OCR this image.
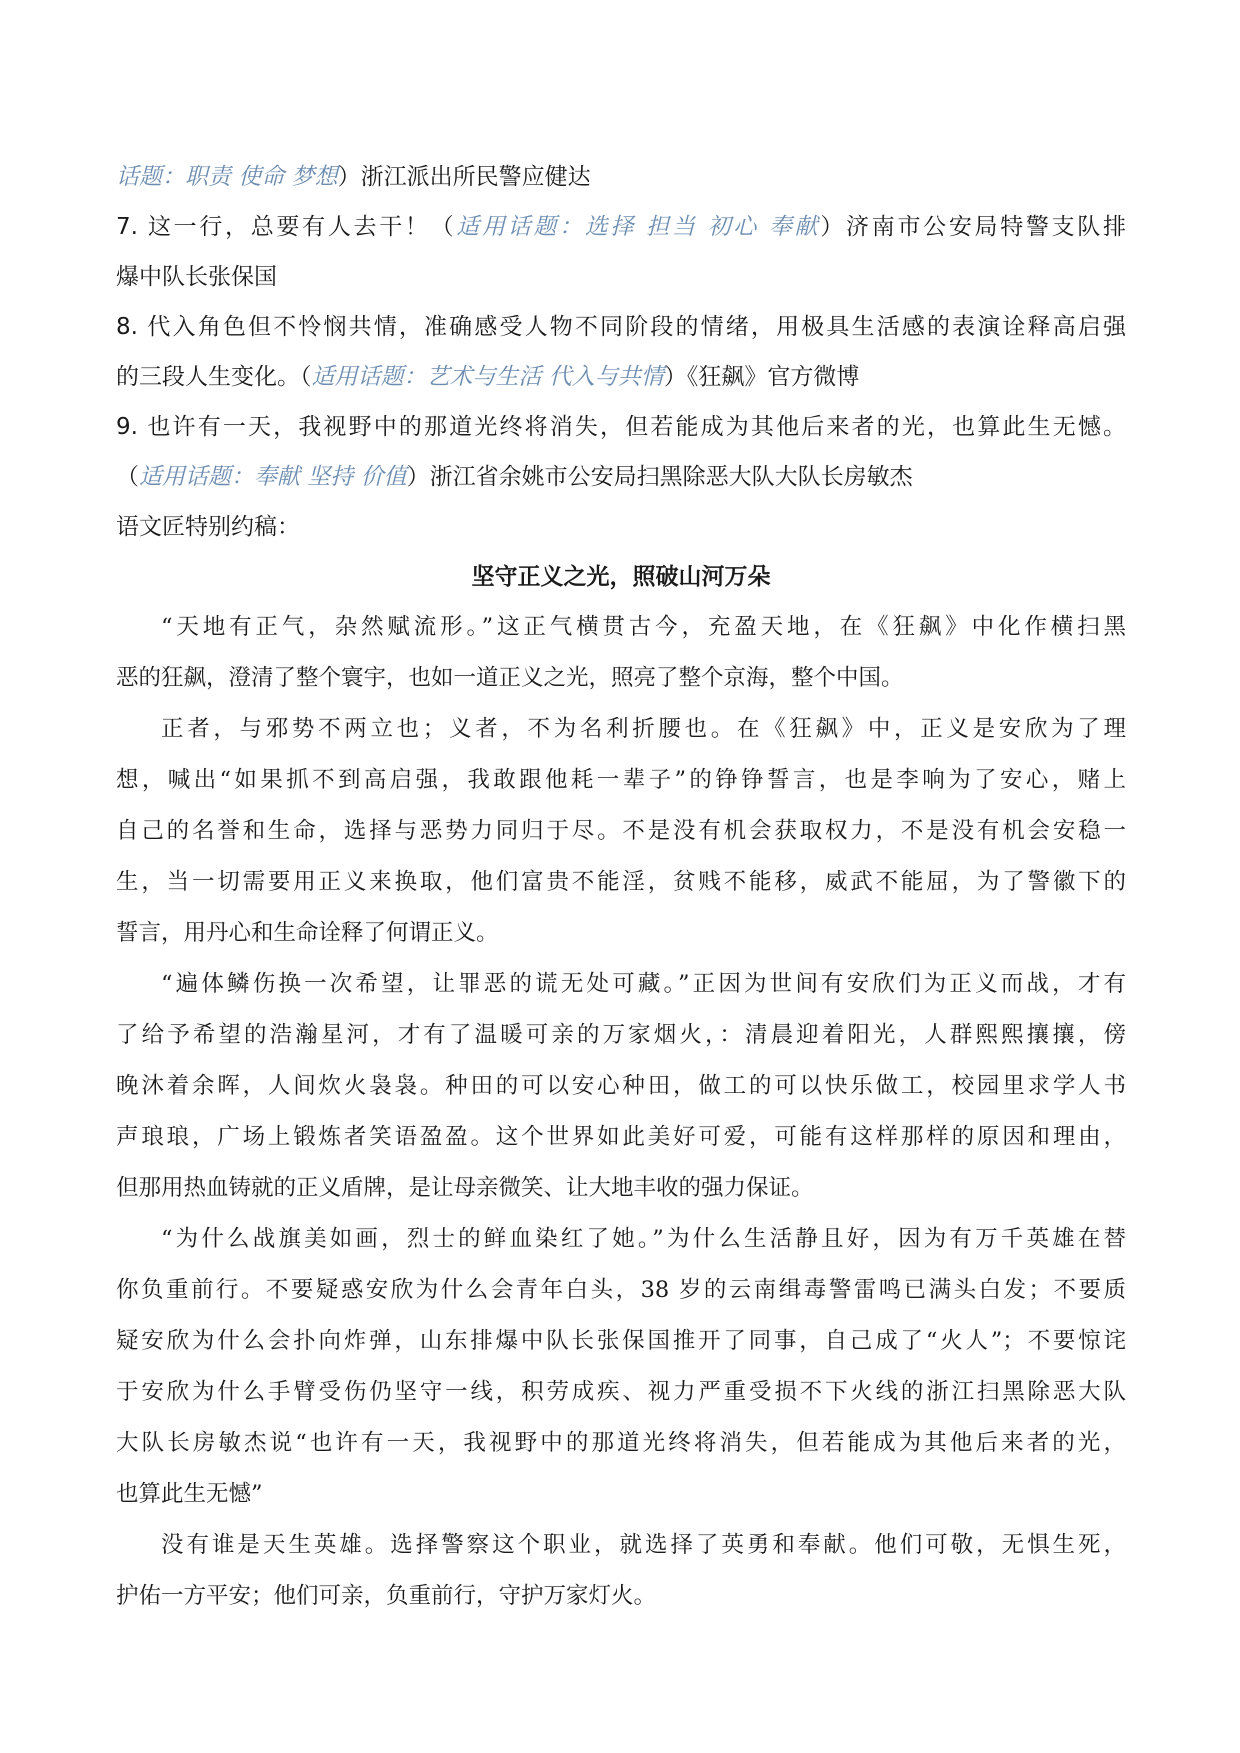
话题：职责 使命 梦想）浙江派出所民警应健达
7. 这一行，总要有人去干！（适用话题：选择 担当 初心 奉献）济南市公安局特警支队排
爆中队长张保国
8. 代入角色但不怜悯共情，准确感受人物不同阶段的情绪，用极具生活感的表演诠释高启强
的三段人生变化。（适用话题：艺术与生活 代入与共情）《狂飙》官方微博
9. 也许有一天，我视野中的那道光终将消失，但若能成为其他后来者的光，也算此生无憾。
（适用话题：奉献 坚持 价值）浙江省余姚市公安局扫黑除恶大队大队长房敏杰
语文匠特别约稿：
坚守正义之光，照破山河万朵
“天地有正气，杂然赋流形。”这正气横贯古今，充盈天地，在《狂飙》中化作横扫黑
恶的狂飙，澄清了整个寰宇，也如一道正义之光，照亮了整个京海，整个中国。
正者，与邪势不两立也；义者，不为名利折腰也。在《狂飙》中，正义是安欣为了理
想，喊出“如果抓不到高启强，我敢跟他耗一辈子”的铮铮誓言，也是李响为了安心，赌上
自己的名誉和生命，选择与恶势力同归于尽。不是没有机会获取权力，不是没有机会安稳一
生，当一切需要用正义来换取，他们富贵不能淫，贫贱不能移，威武不能屈，为了警徽下的
誓言，用丹心和生命诠释了何谓正义。
“遍体鳞伤换一次希望，让罪恶的谎无处可藏。”正因为世间有安欣们为正义而战，才有
了给予希望的浩瀚星河，才有了温暖可亲的万家烟火，：清晨迎着阳光，人群熙熙攘攘，傍
晚沐着余晖，人间炊火袅袅。种田的可以安心种田，做工的可以快乐做工，校园里求学人书
声琅琅，广场上锻炼者笑语盈盈。这个世界如此美好可爱，可能有这样那样的原因和理由，
但那用热血铸就的正义盾牌，是让母亲微笑、让大地丰收的强力保证。
“为什么战旗美如画，烈士的鲜血染红了她。”为什么生活静且好，因为有万千英雄在替
你负重前行。不要疑惑安欣为什么会青年白头，38 岁的云南缉毒警雷鸣已满头白发；不要质
疑安欣为什么会扑向炸弹，山东排爆中队长张保国推开了同事，自己成了“火人”；不要惊诧
于安欣为什么手臂受伤仍坚守一线，积劳成疾、视力严重受损不下火线的浙江扫黑除恶大队
大队长房敏杰说“也许有一天，我视野中的那道光终将消失，但若能成为其他后来者的光，
也算此生无憾”
没有谁是天生英雄。选择警察这个职业，就选择了英勇和奉献。他们可敬，无惧生死，
护佑一方平安；他们可亲，负重前行，守护万家灯火。
